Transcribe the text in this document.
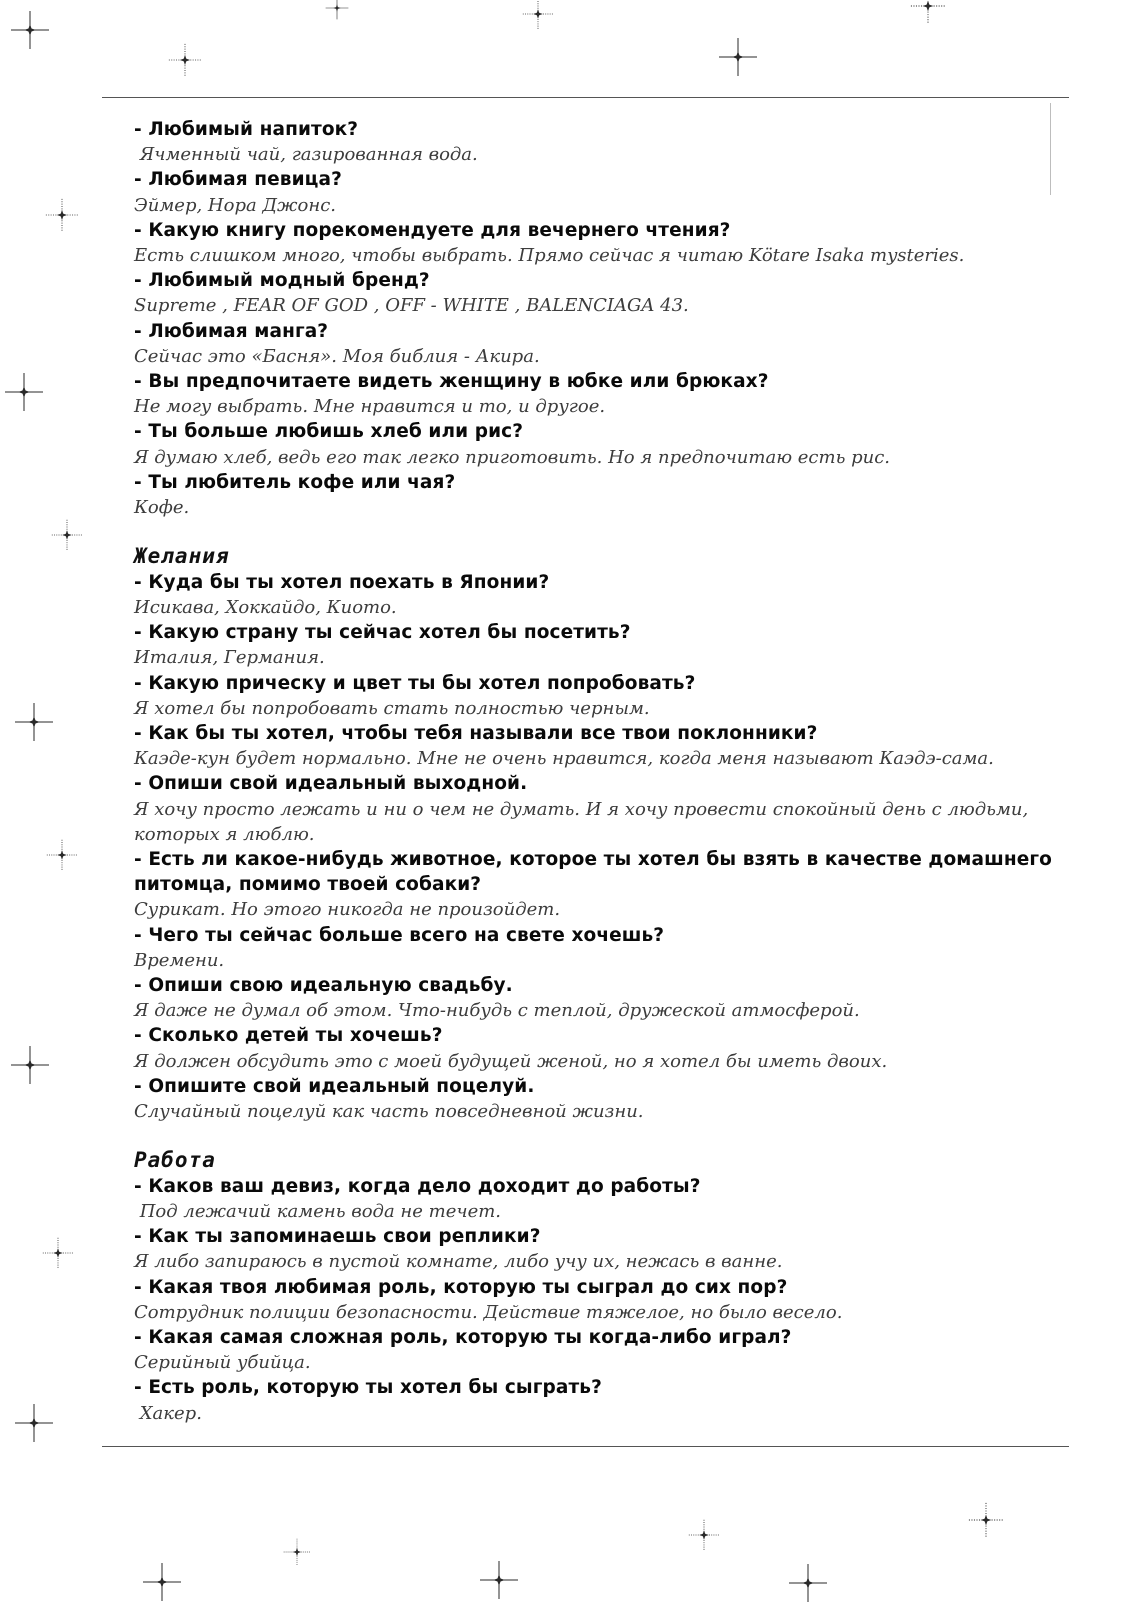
- Любимый напиток?

Ячменный чай, газированная вода.

- Любимая певица?

Эймер, Нора Джонс.

- Какую книгу порекомендуете для вечернего чтения?

Есть слишком много, чтобы выбрать. Прямо сейчас я читаю Kötare Isaka mysteries.

- Любимый модный бренд?

Supreme , FEAR OF GOD , OFF - WHITE , BALENCIAGA 43.

- Любимая манга?

Сейчас это «Басня». Моя библия - Акира.

- Вы предпочитаете видеть женщину в юбке или брюках?

Не могу выбрать. Мне нравится и то, и другое.

- Ты больше любишь хлеб или рис?

Я думаю хлеб, ведь его так легко приготовить. Но я предпочитаю есть рис.

- Ты любитель кофе или чая?

Кофе.

Желания

- Куда бы ты хотел поехать в Японии?

Исикава, Хоккайдо, Киото.

- Какую страну ты сейчас хотел бы посетить?

Италия, Германия.

- Какую прическу и цвет ты бы хотел попробовать?

Я хотел бы попробовать стать полностью черным.

- Как бы ты хотел, чтобы тебя называли все твои поклонники?

Каэде-кун будет нормально. Мне не очень нравится, когда меня называют Каэдэ-сама.

- Опиши свой идеальный выходной.

Я хочу просто лежать и ни о чем не думать. И я хочу провести спокойный день с людьми, которых я люблю.

- Есть ли какое-нибудь животное, которое ты хотел бы взять в качестве домашнего питомца, помимо твоей собаки?

Сурикат. Но этого никогда не произойдет.

- Чего ты сейчас больше всего на свете хочешь?

Времени.

- Опиши свою идеальную свадьбу.

Я даже не думал об этом. Что-нибудь с теплой, дружеской атмосферой.

- Сколько детей ты хочешь?

Я должен обсудить это с моей будущей женой, но я хотел бы иметь двоих.

- Опишите свой идеальный поцелуй.

Случайный поцелуй как часть повседневной жизни.

Работа

- Каков ваш девиз, когда дело доходит до работы?

Под лежачий камень вода не течет.

- Как ты запоминаешь свои реплики?

Я либо запираюсь в пустой комнате, либо учу их, нежась в ванне.

- Какая твоя любимая роль, которую ты сыграл до сих пор?

Сотрудник полиции безопасности. Действие тяжелое, но было весело.

- Какая самая сложная роль, которую ты когда-либо играл?

Серийный убийца.

- Есть роль, которую ты хотел бы сыграть?

Хакер.
